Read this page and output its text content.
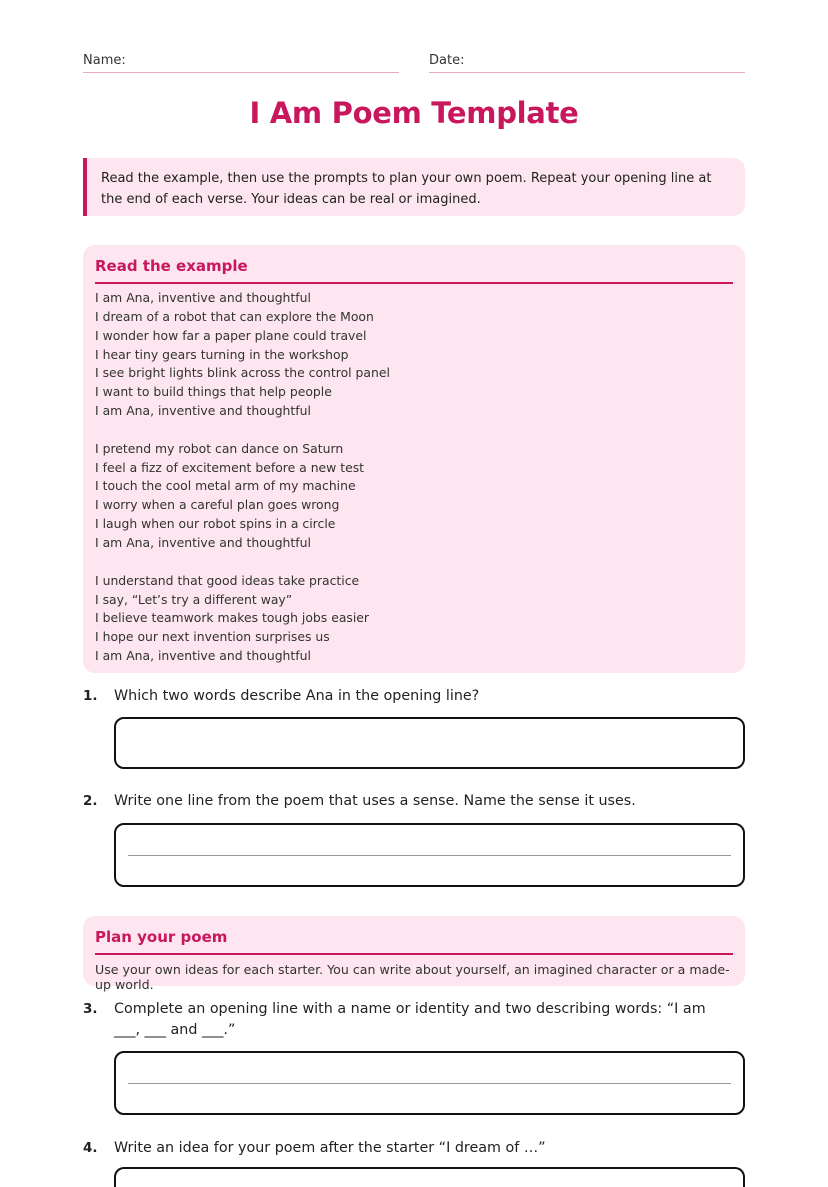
Name:	Date:
I Am Poem Template
Read the example, then use the prompts to plan your own poem. Repeat your opening line at the end of each verse. Your ideas can be real or imagined.
Read the example
I am Ana, inventive and thoughtful
I dream of a robot that can explore the Moon
I wonder how far a paper plane could travel
I hear tiny gears turning in the workshop
I see bright lights blink across the control panel
I want to build things that help people
I am Ana, inventive and thoughtful
I pretend my robot can dance on Saturn
I feel a fizz of excitement before a new test
I touch the cool metal arm of my machine
I worry when a careful plan goes wrong
I laugh when our robot spins in a circle
I am Ana, inventive and thoughtful
I understand that good ideas take practice
I say, “Let’s try a different way”
I believe teamwork makes tough jobs easier
I hope our next invention surprises us
I am Ana, inventive and thoughtful
1. Which two words describe Ana in the opening line?
2. Write one line from the poem that uses a sense. Name the sense it uses.
Plan your poem
Use your own ideas for each starter. You can write about yourself, an imagined character or a made-up world.
3. Complete an opening line with a name or identity and two describing words: “I am ___, ___ and ___.”
4. Write an idea for your poem after the starter “I dream of …”
